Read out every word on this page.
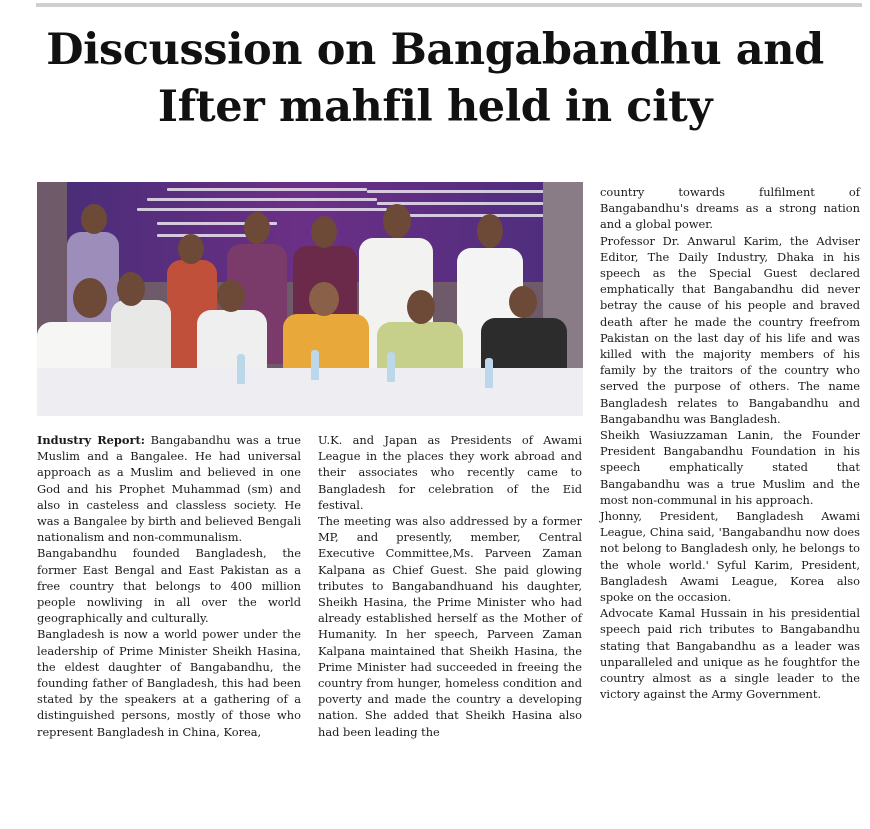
Discussion on Bangabandhu and Ifter mahfil held in city

Industry Report: Bangabandhu was a true Muslim and a Bangalee. He had universal approach as a Muslim and believed in one God and his Prophet Muhammad (sm) and also in casteless and classless society. He was a Bangalee by birth and believed Bengali nationalism and non-communalism.

Bangabandhu founded Bangladesh, the former East Bengal and East Pakistan as a free country that belongs to 400 million people nowliving in all over the world geographically and culturally.

Bangladesh is now a world power under the leadership of Prime Minister Sheikh Hasina, the eldest daughter of Bangabandhu, the founding father of Bangladesh, this had been stated by the speakers at a gathering of a distinguished persons, mostly of those who represent Bangladesh in China, Korea,

U.K. and Japan as Presidents of Awami League in the places they work abroad and their associates who recently came to Bangladesh for celebration of the Eid festival.

The meeting was also addressed by a former MP, and presently, member, Central Executive Committee,Ms. Parveen Zaman Kalpana as Chief Guest. She paid glowing tributes to Bangabandhuand his daughter, Sheikh Hasina, the Prime Minister who had already established herself as the Mother of Humanity. In her speech, Parveen Zaman Kalpana maintained that Sheikh Hasina, the Prime Minister had succeeded in freeing the country from hunger, homeless condition and poverty and made the country a developing nation. She added that Sheikh Hasina also had been leading the

country towards fulfilment of Bangabandhu's dreams as a strong nation and a global power.

Professor Dr. Anwarul Karim, the Adviser Editor, The Daily Industry, Dhaka in his speech as the Special Guest declared emphatically that Bangabandhu did never betray the cause of his people and braved death after he made the country freefrom Pakistan on the last day of his life and was killed with the majority members of his family by the traitors of the country who served the purpose of others. The name Bangladesh relates to Bangabandhu and Bangabandhu was Bangladesh.

Sheikh Wasiuzzaman Lanin, the Founder President Bangabandhu Foundation in his speech emphatically stated that Bangabandhu was a true Muslim and the most non-communal in his approach.

Jhonny, President, Bangladesh Awami League, China said, 'Bangabandhu now does not belong to Bangladesh only, he belongs to the whole world.' Syful Karim, President, Bangladesh Awami League, Korea also spoke on the occasion.

Advocate Kamal Hussain in his presidential speech paid rich tributes to Bangabandhu stating that Bangabandhu as a leader was unparalleled and unique as he foughtfor the country almost as a single leader to the victory against the Army Government.
